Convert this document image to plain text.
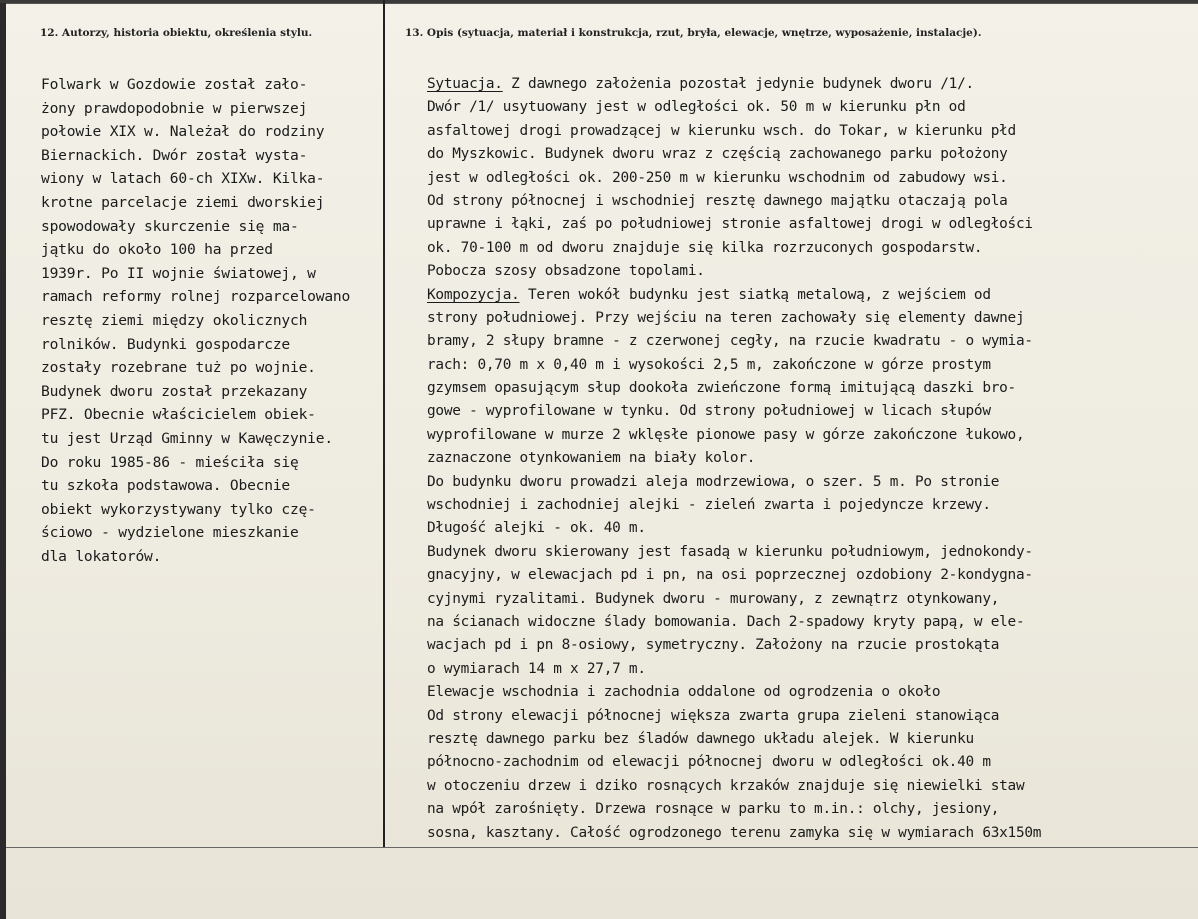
12. Autorzy, historia obiektu, określenia stylu.	13. Opis (sytuacja, materiał i konstrukcja, rzut, bryła, elewacje, wnętrze, wyposażenie, instalacje).
Folwark w Gozdowie został zało-
żony prawdopodobnie w pierwszej
połowie XIX w. Należał do rodziny
Biernackich. Dwór został wysta-
wiony w latach 60-ch XIXw. Kilka-
krotne parcelacje ziemi dworskiej
spowodowały skurczenie się ma-
jątku do około 100 ha przed
1939r. Po II wojnie światowej, w
ramach reformy rolnej rozparcelowano
resztę ziemi między okolicznych
rolników. Budynki gospodarcze
zostały rozebrane tuż po wojnie.
Budynek dworu został przekazany
PFZ. Obecnie właścicielem obiek-
tu jest Urząd Gminny w Kawęczynie.
Do roku 1985-86 - mieściła się
tu szkoła podstawowa. Obecnie
obiekt wykorzystywany tylko czę-
ściowo - wydzielone mieszkanie
dla lokatorów.
Sytuacja. Z dawnego założenia pozostał jedynie budynek dworu /1/.
Dwór /1/ usytuowany jest w odległości ok. 50 m w kierunku płn od
asfaltowej drogi prowadzącej w kierunku wsch. do Tokar, w kierunku płd
do Myszkowic. Budynek dworu wraz z częścią zachowanego parku położony
jest w odległości ok. 200-250 m w kierunku wschodnim od zabudowy wsi.
Od strony północnej i wschodniej resztę dawnego majątku otaczają pola
uprawne i łąki, zaś po południowej stronie asfaltowej drogi w odległości
ok. 70-100 m od dworu znajduje się kilka rozrzuconych gospodarstw.
Pobocza szosy obsadzone topolami.
Kompozycja. Teren wokół budynku jest siatką metalową, z wejściem od
strony południowej. Przy wejściu na teren zachowały się elementy dawnej
bramy, 2 słupy bramne - z czerwonej cegły, na rzucie kwadratu - o wymia-
rach: 0,70 m x 0,40 m i wysokości 2,5 m, zakończone w górze prostym
gzymsem opasującym słup dookoła zwieńczone formą imitującą daszki bro-
gowe - wyprofilowane w tynku. Od strony południowej w licach słupów
wyprofilowane w murze 2 wklęsłe pionowe pasy w górze zakończone łukowo,
zaznaczone otynkowaniem na biały kolor.
Do budynku dworu prowadzi aleja modrzewiowa, o szer. 5 m. Po stronie
wschodniej i zachodniej alejki - zieleń zwarta i pojedyncze krzewy.
Długość alejki - ok. 40 m.
Budynek dworu skierowany jest fasadą w kierunku południowym, jednokondy-
gnacyjny, w elewacjach pd i pn, na osi poprzecznej ozdobiony 2-kondygna-
cyjnymi ryzalitami. Budynek dworu - murowany, z zewnątrz otynkowany,
na ścianach widoczne ślady bomowania. Dach 2-spadowy kryty papą, w ele-
wacjach pd i pn 8-osiowy, symetryczny. Założony na rzucie prostokąta
o wymiarach 14 m x 27,7 m.
Elewacje wschodnia i zachodnia oddalone od ogrodzenia o około
Od strony elewacji północnej większa zwarta grupa zieleni stanowiąca
resztę dawnego parku bez śladów dawnego układu alejek. W kierunku
północno-zachodnim od elewacji północnej dworu w odległości ok.40 m
w otoczeniu drzew i dziko rosnących krzaków znajduje się niewielki staw
na wpół zarośnięty. Drzewa rosnące w parku to m.in.: olchy, jesiony,
sosna, kasztany. Całość ogrodzonego terenu zamyka się w wymiarach 63x150m
